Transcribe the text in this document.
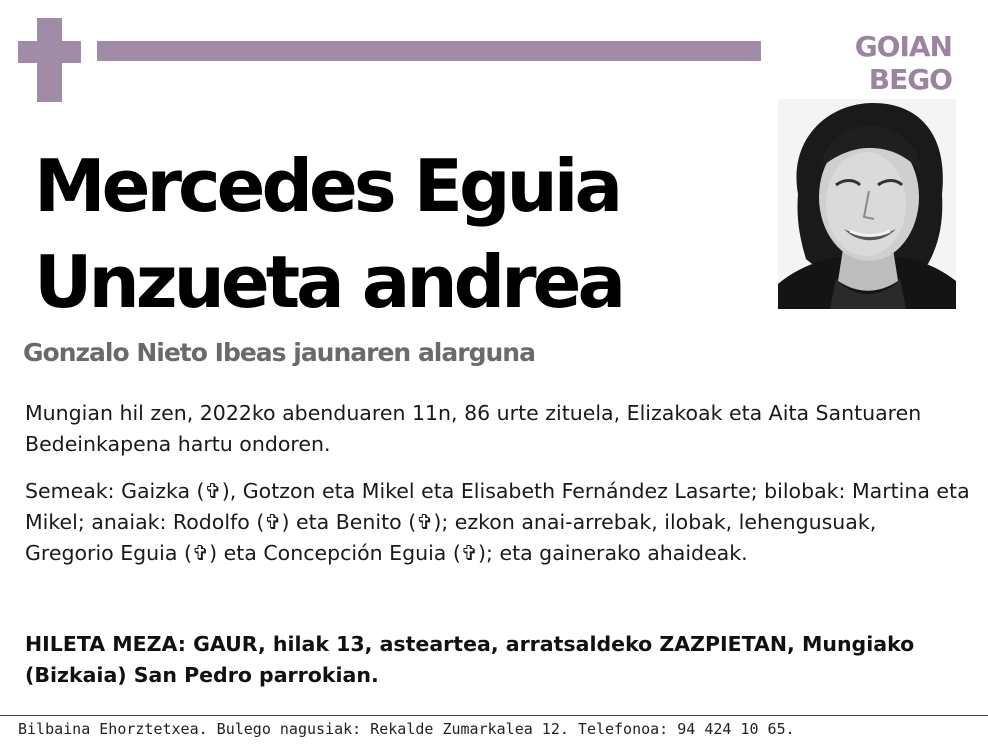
GOIAN BEGO
Mercedes Eguia
Unzueta andrea

Gonzalo Nieto Ibeas jaunaren alarguna

Mungian hil zen, 2022ko abenduaren 11n, 86 urte zituela, Elizakoak eta Aita Santuaren Bedeinkapena hartu ondoren.

Semeak: Gaizka (✞), Gotzon eta Mikel eta Elisabeth Fernández Lasarte; bilobak: Martina eta Mikel; anaiak: Rodolfo (✞) eta Benito (✞); ezkon anai-arrebak, ilobak, lehengusuak, Gregorio Eguia (✞) eta Concepción Eguia (✞); eta gainerako ahaideak.

HILETA MEZA: GAUR, hilak 13, asteartea, arratsaldeko ZAZPIETAN, Mungiako (Bizkaia) San Pedro parrokian.

Bilbaina Ehorztetxea. Bulego nagusiak: Rekalde Zumarkalea 12. Telefonoa: 94 424 10 65.
